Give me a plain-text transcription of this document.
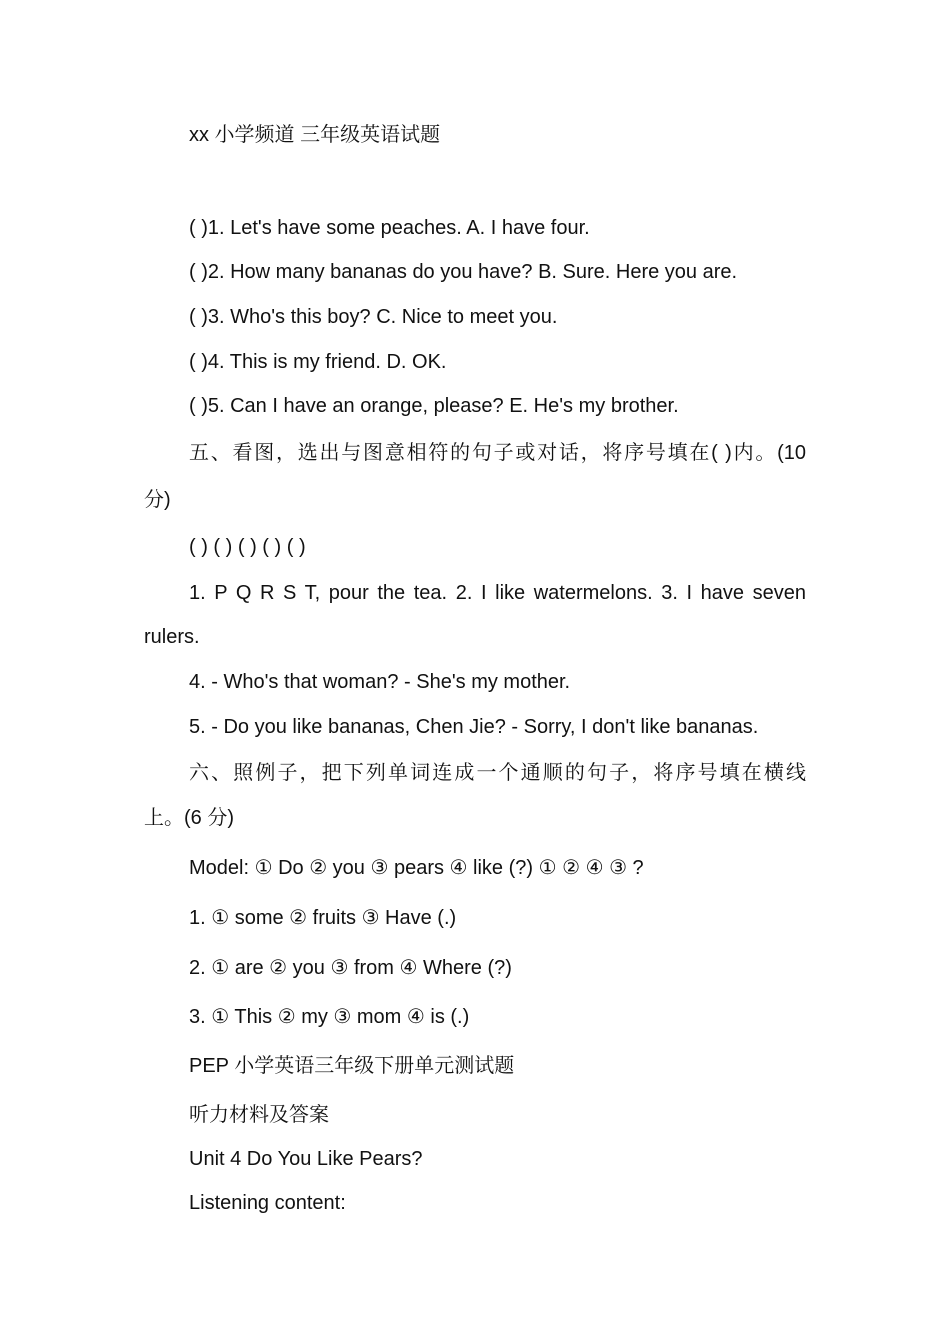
xx 小学频道 三年级英语试题
( )1. Let's have some peaches. A. I have four.
( )2. How many bananas do you have? B. Sure. Here you are.
( )3. Who's this boy? C. Nice to meet you.
( )4. This is my friend. D. OK.
( )5. Can I have an orange, please? E. He's my brother.
五、看图，选出与图意相符的句子或对话，将序号填在( )内。(10
分)
( ) ( ) ( ) ( ) ( )
1. P Q R S T, pour the tea. 2. I like watermelons. 3. I have seven
rulers.
4. - Who's that woman? - She's my mother.
5. - Do you like bananas, Chen Jie? - Sorry, I don't like bananas.
六、照例子，把下列单词连成一个通顺的句子，将序号填在横线
上。(6 分)
Model: ① Do ② you ③ pears ④ like (?) ① ② ④ ③ ?
1. ① some ② fruits ③ Have (.)
2. ① are ② you ③ from ④ Where (?)
3. ① This ② my ③ mom ④ is (.)
PEP 小学英语三年级下册单元测试题
听力材料及答案
Unit 4 Do You Like Pears?
Listening content:
